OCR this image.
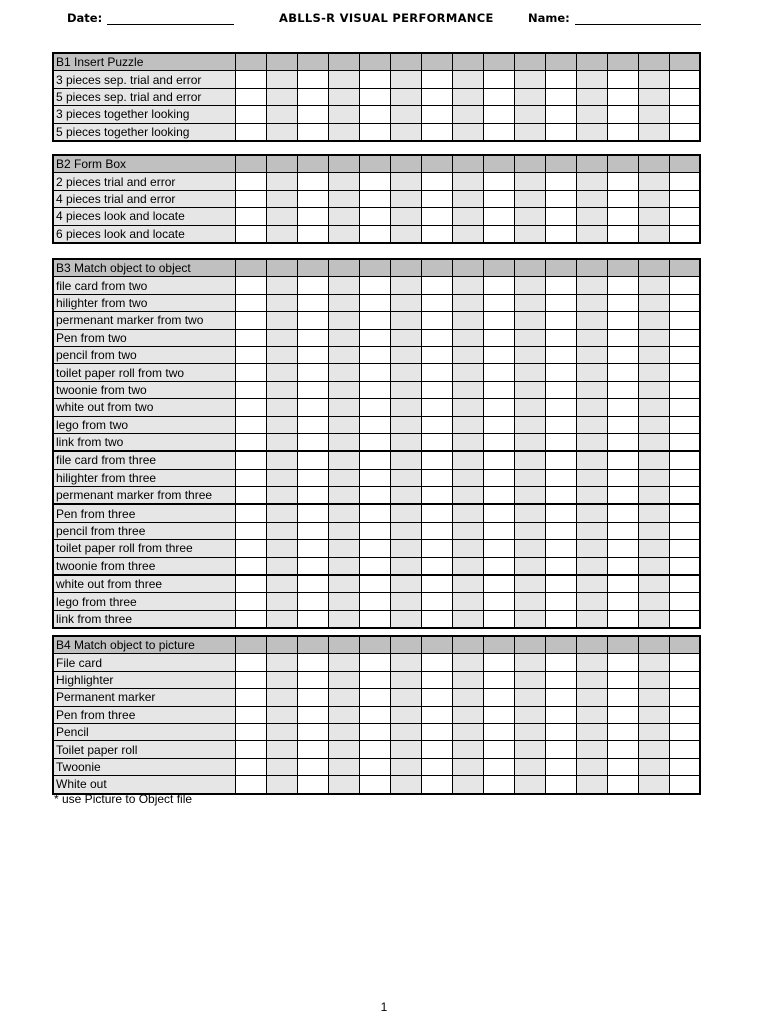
Date:	ABLLS-R VISUAL PERFORMANCE	Name:
B1 Insert Puzzle															
3 pieces sep. trial and error															
5 pieces sep. trial and error															
3 pieces together looking															
5 pieces together looking															
B2 Form Box															
2 pieces trial and error															
4 pieces trial and error															
4 pieces look and locate															
6 pieces look and locate															
B3 Match object to object															
file card from two															
hilighter from two															
permenant marker from two															
Pen from two															
pencil from two															
toilet paper roll from two															
twoonie from two															
white out from two															
lego from two															
link from two															
file card from three															
hilighter from three															
permenant marker from three															
Pen from three															
pencil from three															
toilet paper roll from three															
twoonie from three															
white out from three															
lego from three															
link from three															
B4 Match object to picture															
File card															
Highlighter															
Permanent marker															
Pen from three															
Pencil															
Toilet paper roll															
Twoonie															
White out															
* use Picture to Object file
1
